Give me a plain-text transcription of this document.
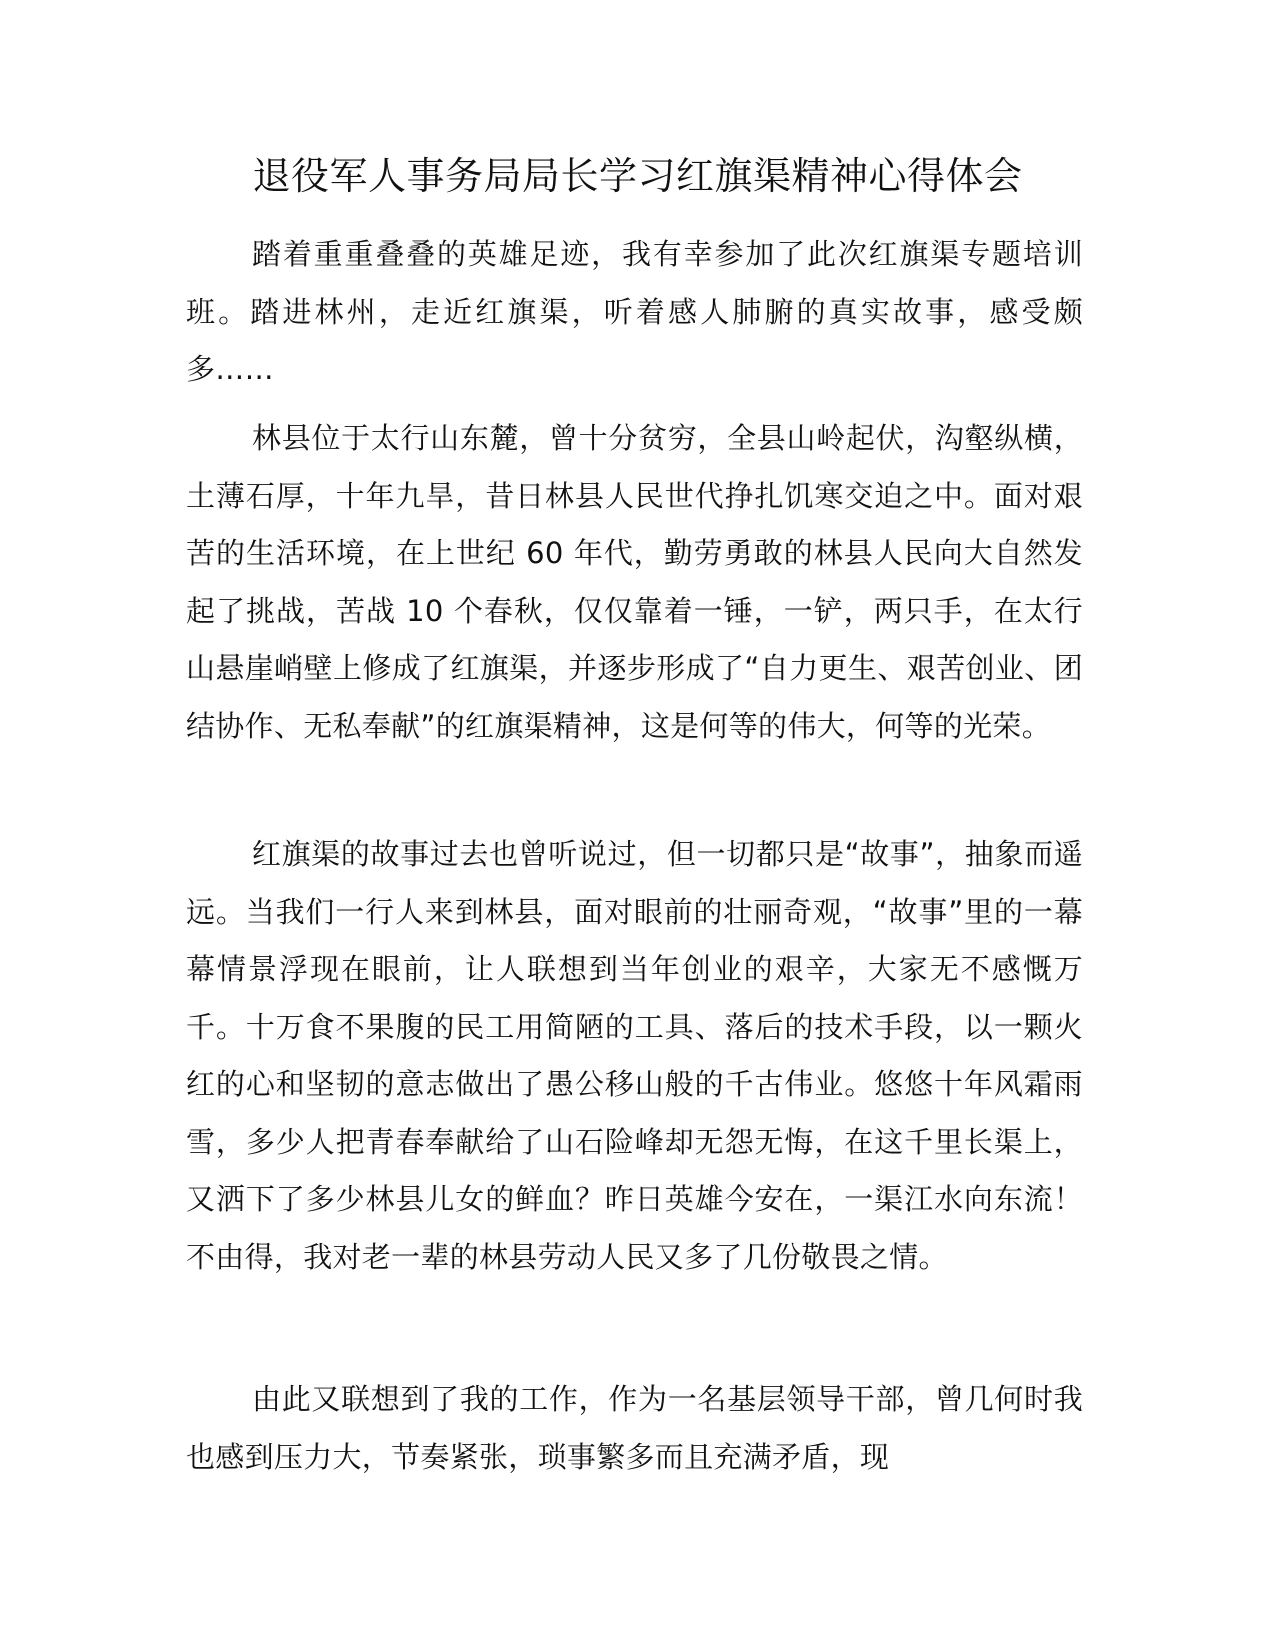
退役军人事务局局长学习红旗渠精神心得体会

踏着重重叠叠的英雄足迹，我有幸参加了此次红旗渠专题培训班。踏进林州，走近红旗渠，听着感人肺腑的真实故事，感受颇多……

林县位于太行山东麓，曾十分贫穷，全县山岭起伏，沟壑纵横，土薄石厚，十年九旱，昔日林县人民世代挣扎饥寒交迫之中。面对艰苦的生活环境，在上世纪 60 年代，勤劳勇敢的林县人民向大自然发起了挑战，苦战 10 个春秋，仅仅靠着一锤，一铲，两只手，在太行山悬崖峭壁上修成了红旗渠，并逐步形成了“自力更生、艰苦创业、团结协作、无私奉献”的红旗渠精神，这是何等的伟大，何等的光荣。

红旗渠的故事过去也曾听说过，但一切都只是“故事”，抽象而遥远。当我们一行人来到林县，面对眼前的壮丽奇观，“故事”里的一幕幕情景浮现在眼前，让人联想到当年创业的艰辛，大家无不感慨万千。十万食不果腹的民工用简陋的工具、落后的技术手段，以一颗火红的心和坚韧的意志做出了愚公移山般的千古伟业。悠悠十年风霜雨雪，多少人把青春奉献给了山石险峰却无怨无悔，在这千里长渠上，又洒下了多少林县儿女的鲜血？昨日英雄今安在，一渠江水向东流！不由得，我对老一辈的林县劳动人民又多了几份敬畏之情。

由此又联想到了我的工作，作为一名基层领导干部，曾几何时我也感到压力大，节奏紧张，琐事繁多而且充满矛盾，现
